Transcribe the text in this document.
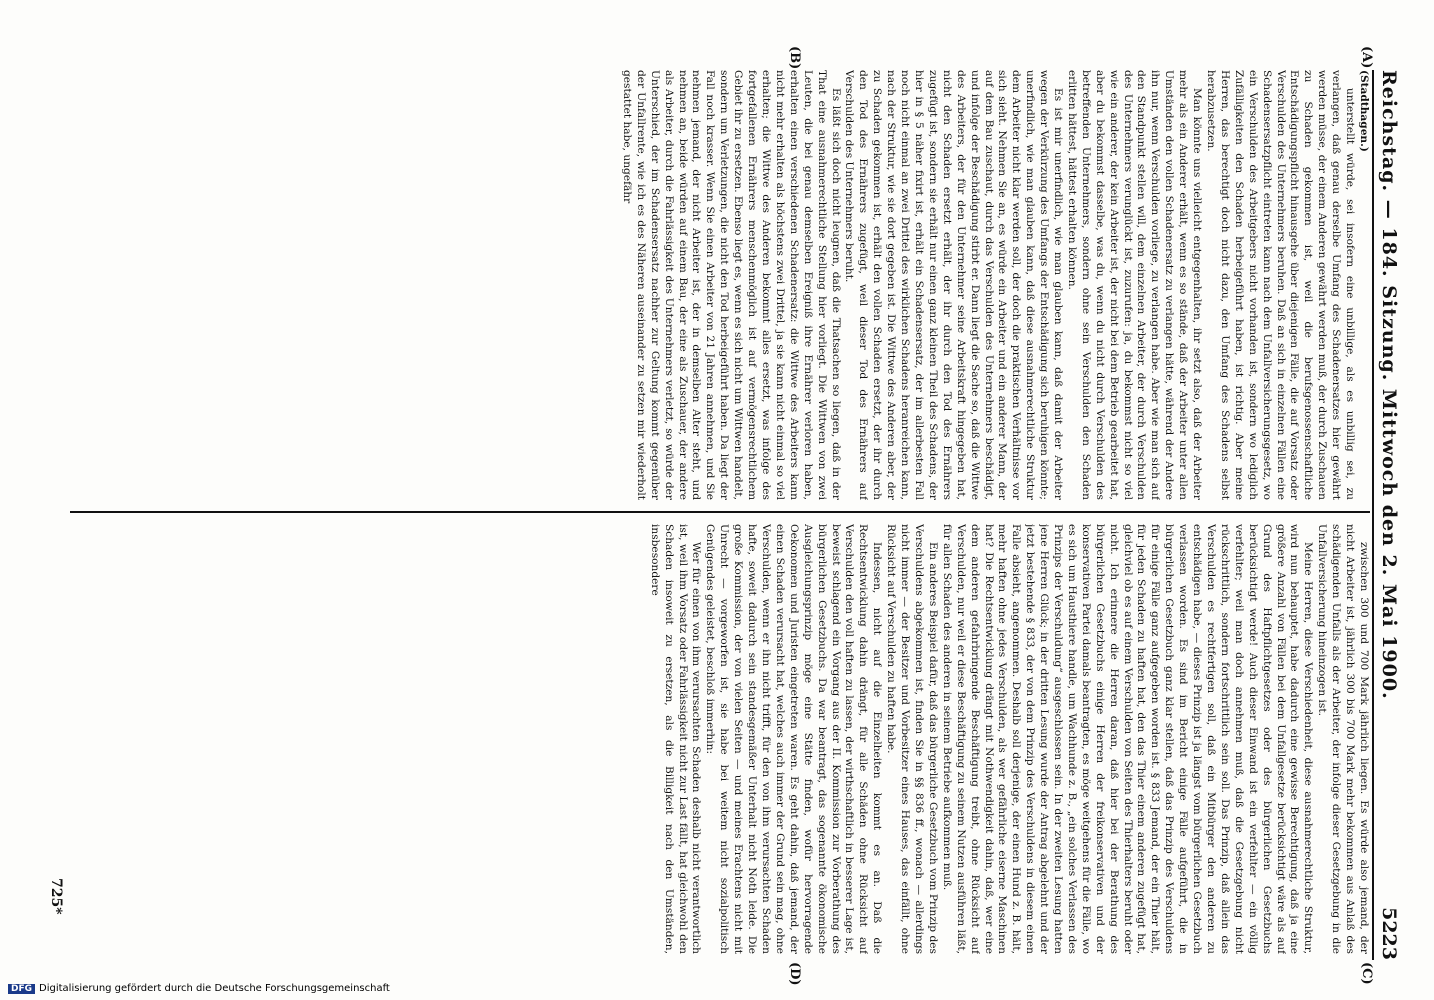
Reichstag. — 184. Sitzung. Mittwoch den 2. Mai 1900.
5223
(A)
(B)
(C)
(D)

(Stadthagen.)

unterstellt würde, sei insofern eine unbillige, als es unbillig sei, zu verlangen, daß genau derselbe Umfang des Schadenersatzes hier gewährt werden müsse, der einem Anderen gewährt werden muß, der durch Zuschauen zu Schaden gekommen ist, weil die berufsgenossenschaftliche Entschädigungspflicht hinausgehe über diejenigen Fälle, die auf Vorsatz oder Verschulden des Unternehmers beruhen. Daß an sich in einzelnen Fällen eine Schadensersatzpflicht eintreten kann nach dem Unfallversicherungsgesetz, wo ein Verschulden des Arbeitgebers nicht vorhanden ist, sondern wo lediglich Zufälligkeiten den Schaden herbeigeführt haben, ist richtig. Aber meine Herren, das berechtigt doch nicht dazu, den Umfang des Schadens selbst herabzusetzen.

Man könnte uns vielleicht entgegenhalten, ihr setzt also, daß der Arbeiter mehr als ein Anderer erhält, wenn es so stände, daß der Arbeiter unter allen Umständen den vollen Schadenersatz zu verlangen hätte, während der Andere ihn nur, wenn Verschulden vorliege, zu verlangen habe. Aber wie man sich auf den Standpunkt stellen will, dem einzelnen Arbeiter, der durch Verschulden des Unternehmers verunglückt ist, zuzurufen: ja, du bekommst nicht so viel wie ein anderer, der kein Arbeiter ist, der nicht bei dem Betrieb gearbeitet hat, aber du bekommst dasselbe, was du, wenn du nicht durch Verschulden des betreffenden Unternehmers, sondern ohne sein Verschulden den Schaden erlitten hättest, hättest erhalten können.

Es ist mir unerfindlich, wie man glauben kann, daß damit der Arbeiter wegen der Verkürzung des Umfangs der Entschädigung sich beruhigen könnte; unerfindlich, wie man glauben kann, daß diese ausnahmerechtliche Struktur dem Arbeiter nicht klar werden soll, der doch die praktischen Verhältnisse vor sich sieht. Nehmen Sie an, es würde ein Arbeiter und ein anderer Mann, der auf dem Bau zuschaut, durch das Verschulden des Unternehmers beschädigt, und infolge der Beschädigung stirbt er. Dann liegt die Sache so, daß die Wittwe des Arbeiters, der für den Unternehmer seine Arbeitskraft hingegeben hat, nicht den Schaden ersetzt erhält, der ihr durch den Tod des Ernährers zugefügt ist, sondern sie erhält nur einen ganz kleinen Theil des Schadens, der hier in § 5 näher fixirt ist, erhält ein Schadensersatz, der im allerbesten Fall noch nicht einmal an zwei Drittel des wirklichen Schadens heranreichen kann, nach der Struktur, wie sie dort gegeben ist. Die Wittwe des Anderen aber, der zu Schaden gekommen ist, erhält den vollen Schaden ersetzt, der ihr durch den Tod des Ernährers zugefügt, weil dieser Tod des Ernährers auf Verschulden des Unternehmers beruht.

Es läßt sich doch nicht leugnen, daß die Thatsachen so liegen, daß in der That eine ausnahmerechtliche Stellung hier vorliegt. Die Wittwen von zwei Leuten, die bei genau demselben Ereigniß ihre Ernährer verloren haben, erhalten einen verschiedenen Schadenersatz: die Wittwe des Arbeiters kann nicht mehr erhalten als höchstens zwei Drittel, ja sie kann nicht einmal so viel erhalten; die Wittwe des Anderen bekommt alles ersetzt, was infolge des fortgefallenen Ernährers menschenmöglich ist auf vermögensrechtlichem Gebiet ihr zu ersetzen. Ebenso liegt es, wenn es sich nicht um Wittwen handelt, sondern um Verletzungen, die nicht den Tod herbeigeführt haben. Da liegt der Fall noch krasser. Wenn Sie einen Arbeiter von 21 Jahren annehmen, und Sie nehmen jemand, der nicht Arbeiter ist, der in demselben Alter steht, und nehmen an, beide würden auf einem Bau, der eine als Zuschauer, der andere als Arbeiter, durch die Fahrlässigkeit des Unternehmers verletzt, so würde der Unterschied, der im Schadensersatz nachher zur Geltung kommt gegenüber der Unfallrente, wie ich es des Näheren auseinander zu setzen mir wiederholt gestattet habe, ungefähr

zwischen 300 und 700 Mark jährlich liegen. Es würde also jemand, der nicht Arbeiter ist, jährlich 300 bis 700 Mark mehr bekommen aus Anlaß des schädigenden Unfalls als der Arbeiter, der infolge dieser Gesetzgebung in die Unfallversicherung hineinzogen ist.

Meine Herren, diese Verschiedenheit, diese ausnahmerechtliche Struktur, wird nun behauptet, habe dadurch eine gewisse Berechtigung, daß ja eine größere Anzahl von Fällen bei dem Unfallgesetze berücksichtigt wäre als auf Grund des Haftpflichtgesetzes oder des bürgerlichen Gesetzbuchs berücksichtigt werde! Auch dieser Einwand ist ein verfehlter — ein völlig verfehlter; weil man doch annehmen muß, daß die Gesetzgebung nicht rückschrittlich, sondern fortschrittlich sein soll. Das Prinzip, daß allein das Verschulden es rechtfertigen soll, daß ein Mitbürger den anderen zu entschädigen habe, — dieses Prinzip ist ja längst vom bürgerlichen Gesetzbuch verlassen worden. Es sind im Bericht einige Fälle aufgeführt, die in bürgerlichen Gesetzbuch ganz klar stellen, daß das Prinzip des Verschuldens für einige Fälle ganz aufgegeben worden ist. § 833 Jemand, der ein Thier hält, für jeden Schaden zu haften hat, den das Thier einem anderen zugefügt hat, gleichviel ob es auf einem Verschulden von Seiten des Thierhalters beruht oder nicht. Ich erinnere die Herren daran, daß hier bei der Berathung des bürgerlichen Gesetzbuchs einige Herren der freikonservativen und der konservativen Partei damals beantragten, es möge weitgehens für die Fälle, wo es sich um Hausthiere handle, um Wachhunde z. B., „ein solches Verlassen des Prinzips der Verschuldung“ ausgeschlossen sein. In der zweiten Lesung hatten jene Herren Glück; in der dritten Lesung wurde der Antrag abgelehnt und der jetzt bestehende § 833, der von dem Prinzip des Verschuldens in diesem einen Falle absieht, angenommen. Deshalb soll derjenige, der einen Hund z. B. hält, mehr haften ohne jedes Verschulden, als wer gefährliche eiserne Maschinen hat? Die Rechtsentwicklung drängt mit Nothwendigkeit dahin, daß, wer eine dem anderen gefahrbringende Beschäftigung treibt, ohne Rücksicht auf Verschulden, nur weil er diese Beschäftigung zu seinem Nutzen ausführen läßt, für allen Schaden des anderen in seinem Betriebe aufkommen muß.

Ein anderes Beispiel dafür, daß das bürgerliche Gesetzbuch vom Prinzip des Verschuldens abgekommen ist, finden Sie in §§ 836 ff., wonach — allerdings nicht immer — der Besitzer und Vorbesitzer eines Hauses, das einfällt, ohne Rücksicht auf Verschulden zu haften habe.

Indessen, nicht auf die Einzelheiten kommt es an. Daß die Rechtsentwicklung dahin drängt, für alle Schäden ohne Rücksicht auf Verschulden den voll haften zu lassen, der wirthschaftlich in besserer Lage ist, beweist schlagend ein Vorgang aus der II. Kommission zur Vorberathung des bürgerlichen Gesetzbuchs. Da war beantragt, das sogenannte ökonomische Ausgleichungsprinzip möge eine Stätte finden, wofür hervorragende Oekonomen und Juristen eingetreten waren. Es geht dahin, daß jemand, der einen Schaden verursacht hat, welches auch immer der Grund sein mag, ohne Verschulden, wenn er ihn nicht trifft, für den von ihm verursachten Schaden hafte, soweit dadurch sein standesgemäßer Unterhalt nicht Noth leide. Die große Kommission, der von vielen Seiten — und meines Erachtens nicht mit Unrecht — vorgeworfen ist, sie habe bei weitem nicht sozialpolitisch Genügendes geleistet, beschloß immerhin:

Wer für einen von ihm verursachten Schaden deshalb nicht verantwortlich ist, weil ihm Vorsatz oder Fahrlässigkeit nicht zur Last fällt, hat gleichwohl den Schaden insoweit zu ersetzen, als die Billigkeit nach den Umständen, insbesondere

725*
DFG Digitalisierung gefördert durch die Deutsche Forschungsgemeinschaft
